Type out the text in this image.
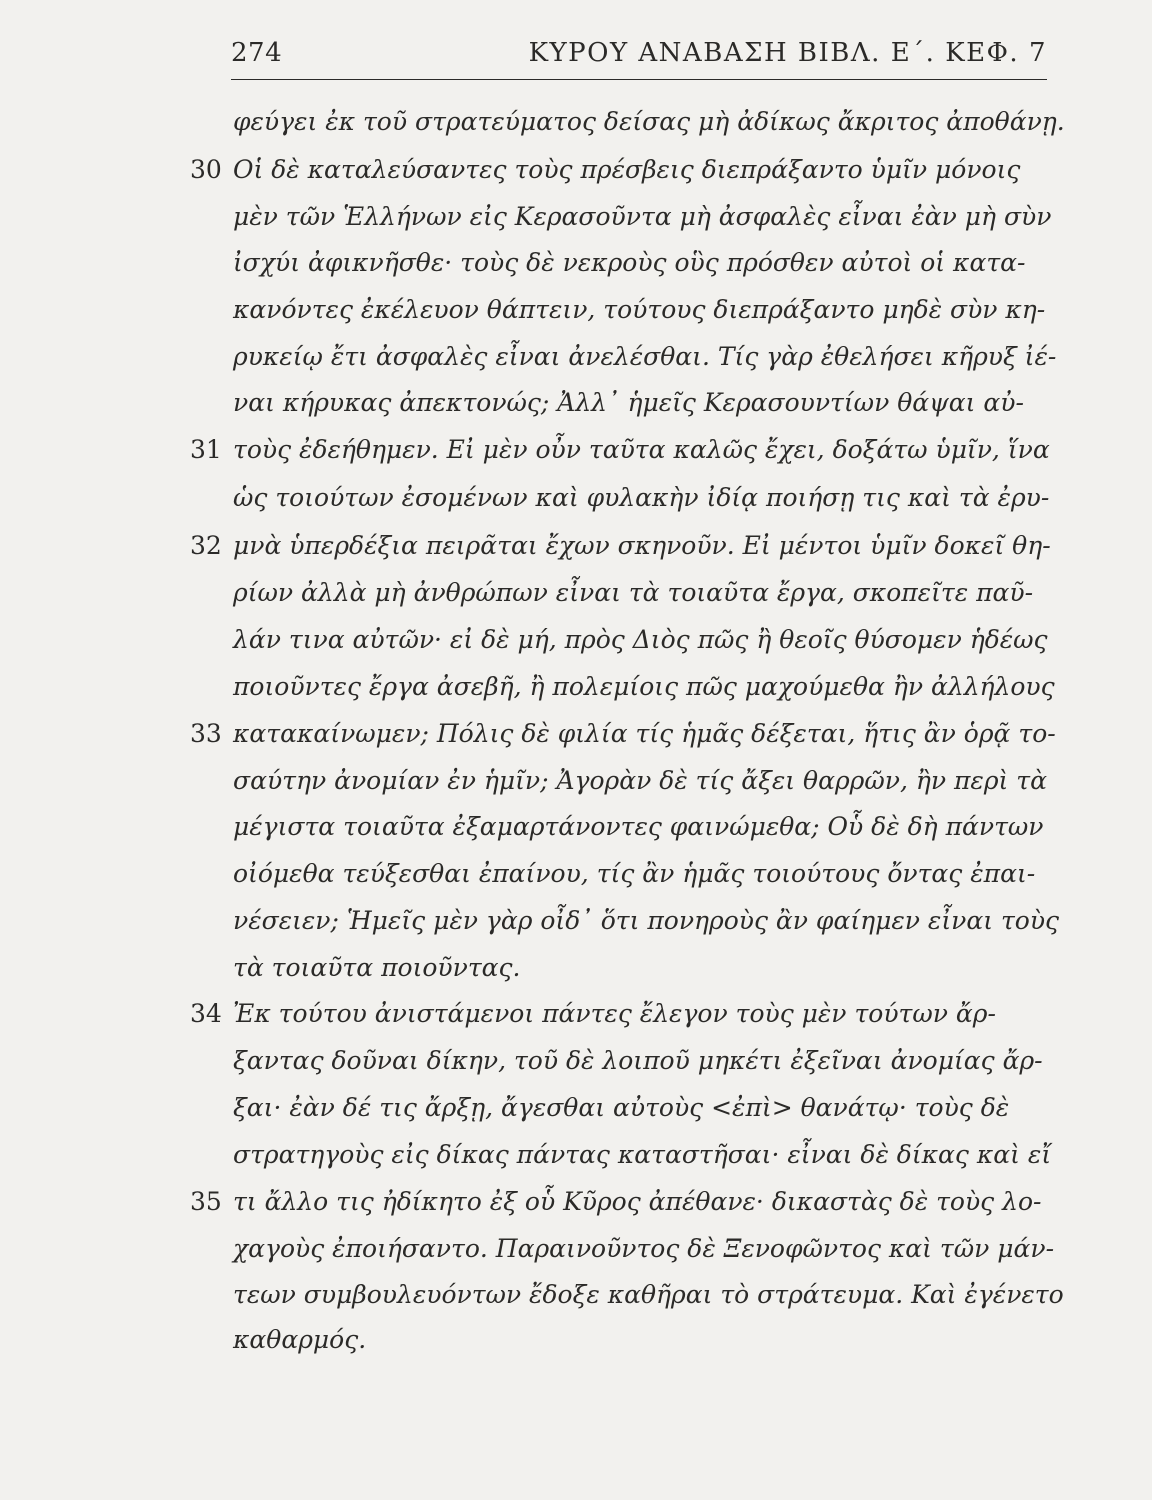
274	ΚΥΡΟΥ ΑΝΑΒΑΣΗ ΒΙΒΛ. Ε΄. ΚΕΦ. 7
30
31
32
33
34
35
φεύγει ἐκ τοῦ στρατεύματος δείσας μὴ ἀδίκως ἄκριτος ἀποθάνῃ.
Οἱ δὲ καταλεύσαντες τοὺς πρέσβεις διεπράξαντο ὑμῖν μόνοις
μὲν τῶν Ἑλλήνων εἰς Κερασοῦντα μὴ ἀσφαλὲς εἶναι ἐὰν μὴ σὺν
ἰσχύι ἀφικνῆσθε· τοὺς δὲ νεκροὺς οὓς πρόσθεν αὐτοὶ οἱ κατα-
κανόντες ἐκέλευον θάπτειν, τούτους διεπράξαντο μηδὲ σὺν κη-
ρυκείῳ ἔτι ἀσφαλὲς εἶναι ἀνελέσθαι. Τίς γὰρ ἐθελήσει κῆρυξ ἰέ-
ναι κήρυκας ἀπεκτονώς; Ἀλλ᾽ ἡμεῖς Κερασουντίων θάψαι αὐ-
τοὺς ἐδεήθημεν. Εἰ μὲν οὖν ταῦτα καλῶς ἔχει, δοξάτω ὑμῖν, ἵνα
ὡς τοιούτων ἐσομένων καὶ φυλακὴν ἰδίᾳ ποιήσῃ τις καὶ τὰ ἐρυ-
μνὰ ὑπερδέξια πειρᾶται ἔχων σκηνοῦν. Εἰ μέντοι ὑμῖν δοκεῖ θη-
ρίων ἀλλὰ μὴ ἀνθρώπων εἶναι τὰ τοιαῦτα ἔργα, σκοπεῖτε παῦ-
λάν τινα αὐτῶν· εἰ δὲ μή, πρὸς Διὸς πῶς ἢ θεοῖς θύσομεν ἡδέως
ποιοῦντες ἔργα ἀσεβῆ, ἢ πολεμίοις πῶς μαχούμεθα ἢν ἀλλήλους
κατακαίνωμεν; Πόλις δὲ φιλία τίς ἡμᾶς δέξεται, ἥτις ἂν ὁρᾷ το-
σαύτην ἀνομίαν ἐν ἡμῖν; Ἀγορὰν δὲ τίς ἄξει θαρρῶν, ἢν περὶ τὰ
μέγιστα τοιαῦτα ἐξαμαρτάνοντες φαινώμεθα; Οὗ δὲ δὴ πάντων
οἰόμεθα τεύξεσθαι ἐπαίνου, τίς ἂν ἡμᾶς τοιούτους ὄντας ἐπαι-
νέσειεν; Ἡμεῖς μὲν γὰρ οἶδ᾽ ὅτι πονηροὺς ἂν φαίημεν εἶναι τοὺς
τὰ τοιαῦτα ποιοῦντας.
Ἐκ τούτου ἀνιστάμενοι πάντες ἔλεγον τοὺς μὲν τούτων ἄρ-
ξαντας δοῦναι δίκην, τοῦ δὲ λοιποῦ μηκέτι ἐξεῖναι ἀνομίας ἄρ-
ξαι· ἐὰν δέ τις ἄρξῃ, ἄγεσθαι αὐτοὺς <ἐπὶ> θανάτῳ· τοὺς δὲ
στρατηγοὺς εἰς δίκας πάντας καταστῆσαι· εἶναι δὲ δίκας καὶ εἴ
τι ἄλλο τις ἠδίκητο ἐξ οὗ Κῦρος ἀπέθανε· δικαστὰς δὲ τοὺς λο-
χαγοὺς ἐποιήσαντο. Παραινοῦντος δὲ Ξενοφῶντος καὶ τῶν μάν-
τεων συμβουλευόντων ἔδοξε καθῆραι τὸ στράτευμα. Καὶ ἐγένετο
καθαρμός.
